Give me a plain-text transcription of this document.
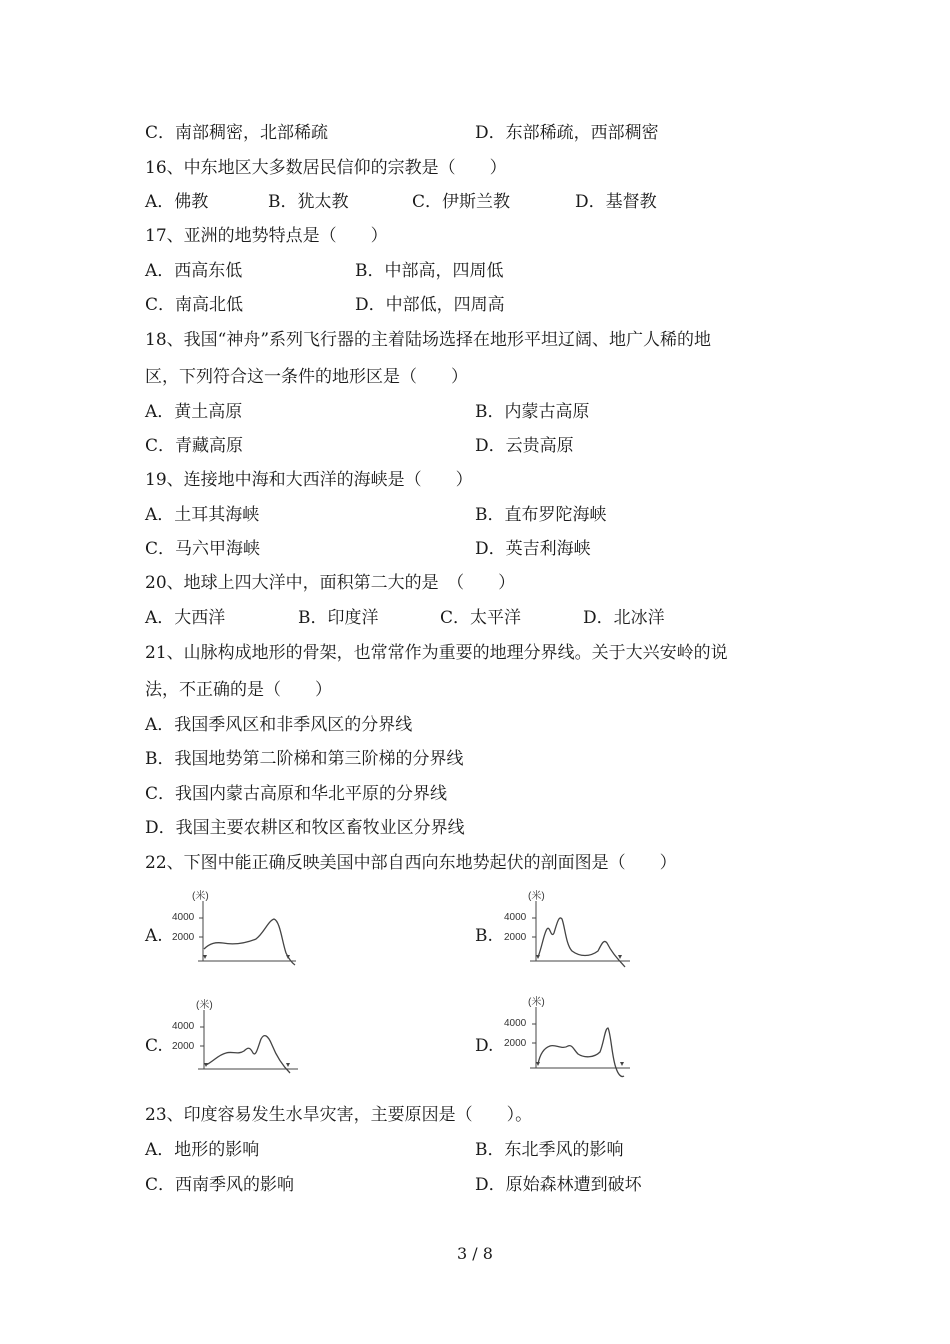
C．南部稠密，北部稀疏	D．东部稀疏，西部稠密
16、中东地区大多数居民信仰的宗教是（　　）
A．佛教	B．犹太教	C．伊斯兰教	D．基督教
17、亚洲的地势特点是（　　）
A．西高东低	B．中部高，四周低
C．南高北低	D．中部低，四周高
18、我国“神舟”系列飞行器的主着陆场选择在地形平坦辽阔、地广人稀的地
区，下列符合这一条件的地形区是（　　）
A．黄土高原	B．内蒙古高原
C．青藏高原	D．云贵高原
19、连接地中海和大西洋的海峡是（　　）
A．土耳其海峡	B．直布罗陀海峡
C．马六甲海峡	D．英吉利海峡
20、地球上四大洋中，面积第二大的是　（　　）
A．大西洋	B．印度洋	C．太平洋	D．北冰洋
21、山脉构成地形的骨架，也常常作为重要的地理分界线。关于大兴安岭的说
法，不正确的是（　　）
A．我国季风区和非季风区的分界线
B．我国地势第二阶梯和第三阶梯的分界线
C．我国内蒙古高原和华北平原的分界线
D．我国主要农耕区和牧区畜牧业区分界线
22、下图中能正确反映美国中部自西向东地势起伏的剖面图是（　　）
A.
(米)
4000
2000	B.
(米)
4000
2000
C.
(米)
4000
2000	D.
(米)
4000
2000
23、印度容易发生水旱灾害，主要原因是（　　）。
A．地形的影响	B．东北季风的影响
C．西南季风的影响	D．原始森林遭到破坏
3 / 8
